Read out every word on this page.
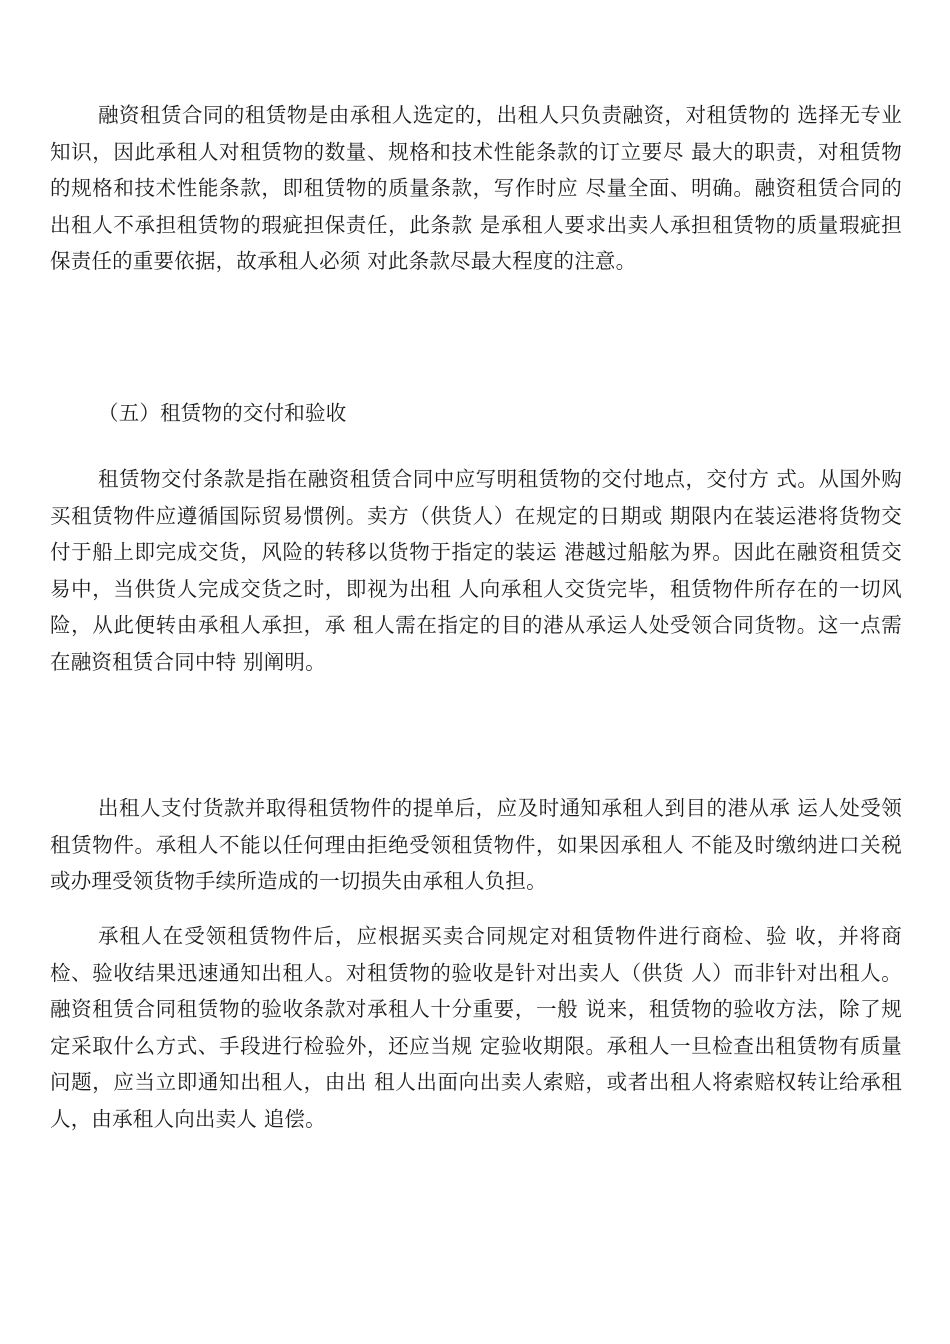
融资租赁合同的租赁物是由承租人选定的，出租人只负责融资，对租赁物的 选择无专业知识，因此承租人对租赁物的数量、规格和技术性能条款的订立要尽 最大的职责，对租赁物的规格和技术性能条款，即租赁物的质量条款，写作时应 尽量全面、明确。融资租赁合同的出租人不承担租赁物的瑕疵担保责任，此条款 是承租人要求出卖人承担租赁物的质量瑕疵担保责任的重要依据，故承租人必须 对此条款尽最大程度的注意。

（五）租赁物的交付和验收

租赁物交付条款是指在融资租赁合同中应写明租赁物的交付地点，交付方 式。从国外购买租赁物件应遵循国际贸易惯例。卖方（供货人）在规定的日期或 期限内在装运港将货物交付于船上即完成交货，风险的转移以货物于指定的装运 港越过船舷为界。因此在融资租赁交易中，当供货人完成交货之时，即视为出租 人向承租人交货完毕，租赁物件所存在的一切风险，从此便转由承租人承担，承 租人需在指定的目的港从承运人处受领合同货物。这一点需在融资租赁合同中特 别阐明。

出租人支付货款并取得租赁物件的提单后，应及时通知承租人到目的港从承 运人处受领租赁物件。承租人不能以任何理由拒绝受领租赁物件，如果因承租人 不能及时缴纳进口关税或办理受领货物手续所造成的一切损失由承租人负担。

承租人在受领租赁物件后，应根据买卖合同规定对租赁物件进行商检、验 收，并将商检、验收结果迅速通知出租人。对租赁物的验收是针对出卖人（供货 人）而非针对出租人。融资租赁合同租赁物的验收条款对承租人十分重要，一般 说来，租赁物的验收方法，除了规定采取什么方式、手段进行检验外，还应当规 定验收期限。承租人一旦检查出租赁物有质量问题，应当立即通知出租人，由出 租人出面向出卖人索赔，或者出租人将索赔权转让给承租人，由承租人向出卖人 追偿。
